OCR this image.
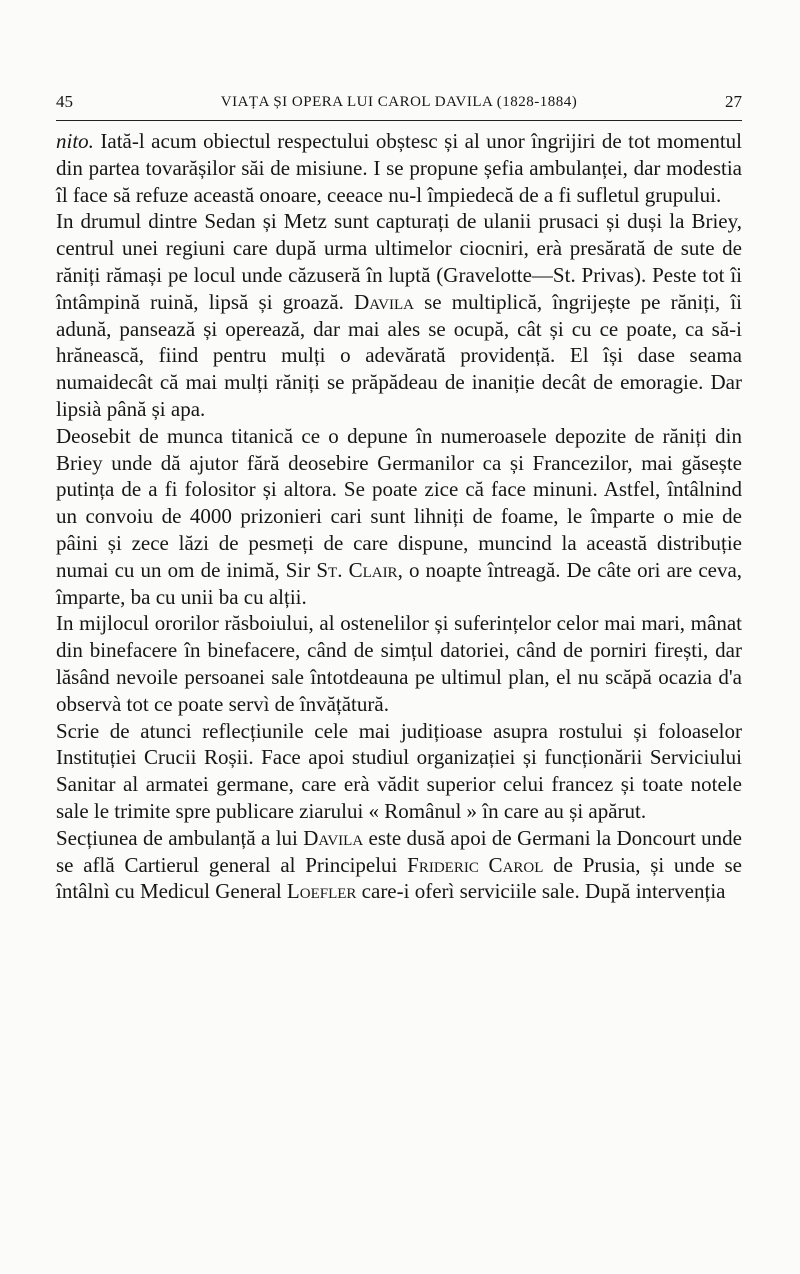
45	VIAȚA ȘI OPERA LUI CAROL DAVILA (1828-1884)	27

nito. Iată-l acum obiectul respectului obștesc și al unor îngrijiri de tot momentul din partea tovarășilor săi de misiune. I se propune șefia ambulanței, dar modestia îl face să refuze această onoare, ceeace nu-l împiedecă de a fi sufletul grupului.

In drumul dintre Sedan și Metz sunt capturați de ulanii prusaci și duși la Briey, centrul unei regiuni care după urma ultimelor ciocniri, erà presărată de sute de răniți rămași pe locul unde căzuseră în luptă (Gravelotte—St. Privas). Peste tot îi întâmpină ruină, lipsă și groază. Davila se multiplică, îngrijește pe răniți, îi adună, pansează și operează, dar mai ales se ocupă, cât și cu ce poate, ca să-i hrănească, fiind pentru mulți o adevărată providență. El își dase seama numaidecât că mai mulți răniți se prăpădeau de inaniție decât de emoragie. Dar lipsià până și apa.

Deosebit de munca titanică ce o depune în numeroasele depozite de răniți din Briey unde dă ajutor fără deosebire Germanilor ca și Francezilor, mai găsește putința de a fi folositor și altora. Se poate zice că face minuni. Astfel, întâlnind un convoiu de 4000 prizonieri cari sunt lihniți de foame, le împarte o mie de pâini și zece lăzi de pesmeți de care dispune, muncind la această distribuție numai cu un om de inimă, Sir St. Clair, o noapte întreagă. De câte ori are ceva, împarte, ba cu unii ba cu alții.

In mijlocul ororilor răsboiului, al ostenelilor și suferințelor celor mai mari, mânat din binefacere în binefacere, când de simțul datoriei, când de porniri firești, dar lăsând nevoile persoanei sale întotdeauna pe ultimul plan, el nu scăpă ocazia d'a observà tot ce poate servì de învățătură.

Scrie de atunci reflecțiunile cele mai judițioase asupra rostului și foloaselor Instituției Crucii Roșii. Face apoi studiul organizației și funcționării Serviciului Sanitar al armatei germane, care erà vădit superior celui francez și toate notele sale le trimite spre publicare ziarului « Românul » în care au și apărut.

Secțiunea de ambulanță a lui Davila este dusă apoi de Germani la Doncourt unde se află Cartierul general al Principelui Frideric Carol de Prusia, și unde se întâlnì cu Medicul General Loefler care-i oferì serviciile sale. După intervenția
